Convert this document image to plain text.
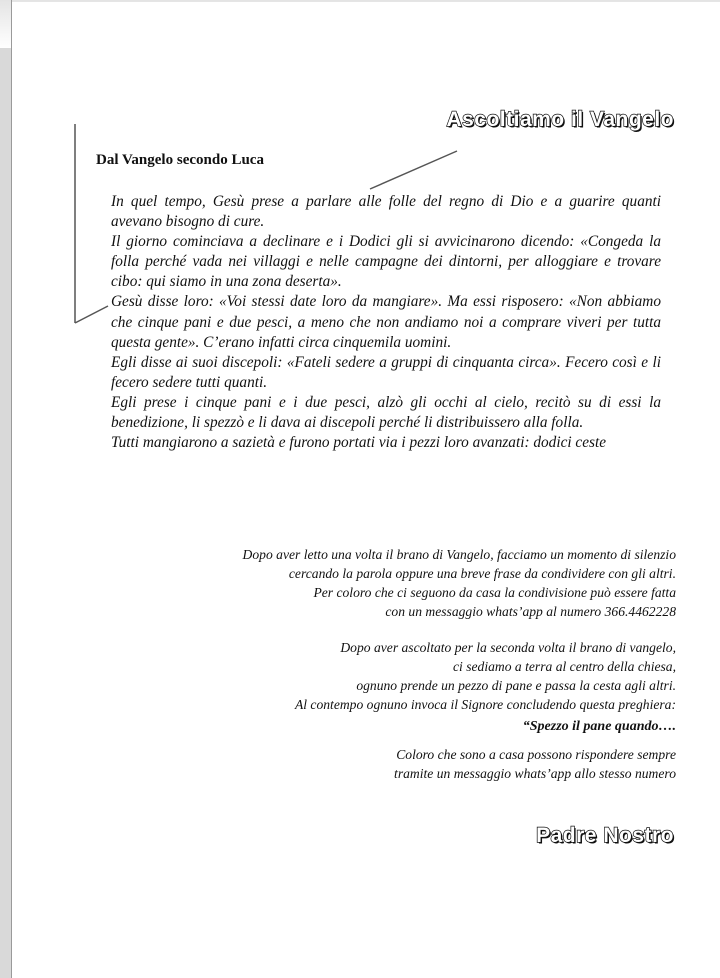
Ascoltiamo il Vangelo
Dal Vangelo secondo Luca

In quel tempo, Gesù prese a parlare alle folle del regno di Dio e a guarire quanti avevano bisogno di cure.

Il giorno cominciava a declinare e i Dodici gli si avvicinarono dicendo: «Congeda la folla perché vada nei villaggi e nelle campagne dei dintorni, per alloggiare e trovare cibo: qui siamo in una zona deserta».

Gesù disse loro: «Voi stessi date loro da mangiare». Ma essi risposero: «Non abbiamo che cinque pani e due pesci, a meno che non andiamo noi a comprare viveri per tutta questa gente». C’erano infatti circa cinquemila uomini.

Egli disse ai suoi discepoli: «Fateli sedere a gruppi di cinquanta circa». Fecero così e li fecero sedere tutti quanti.

Egli prese i cinque pani e i due pesci, alzò gli occhi al cielo, recitò su di essi la benedizione, li spezzò e li dava ai discepoli perché li distribuissero alla folla.

Tutti mangiarono a sazietà e furono portati via i pezzi loro avanzati: dodici ceste

Dopo aver letto una volta il brano di Vangelo, facciamo un momento di silenzio
cercando la parola oppure una breve frase da condividere con gli altri.
Per coloro che ci seguono da casa la condivisione può essere fatta
con un messaggio whats’app al numero 366.4462228
Dopo aver ascoltato per la seconda volta il brano di vangelo,
ci sediamo a terra al centro della chiesa,
ognuno prende un pezzo di pane e passa la cesta agli altri.
Al contempo ognuno invoca il Signore concludendo questa preghiera:
“Spezzo il pane quando….
Coloro che sono a casa possono rispondere sempre
tramite un messaggio whats’app allo stesso numero
Padre Nostro
